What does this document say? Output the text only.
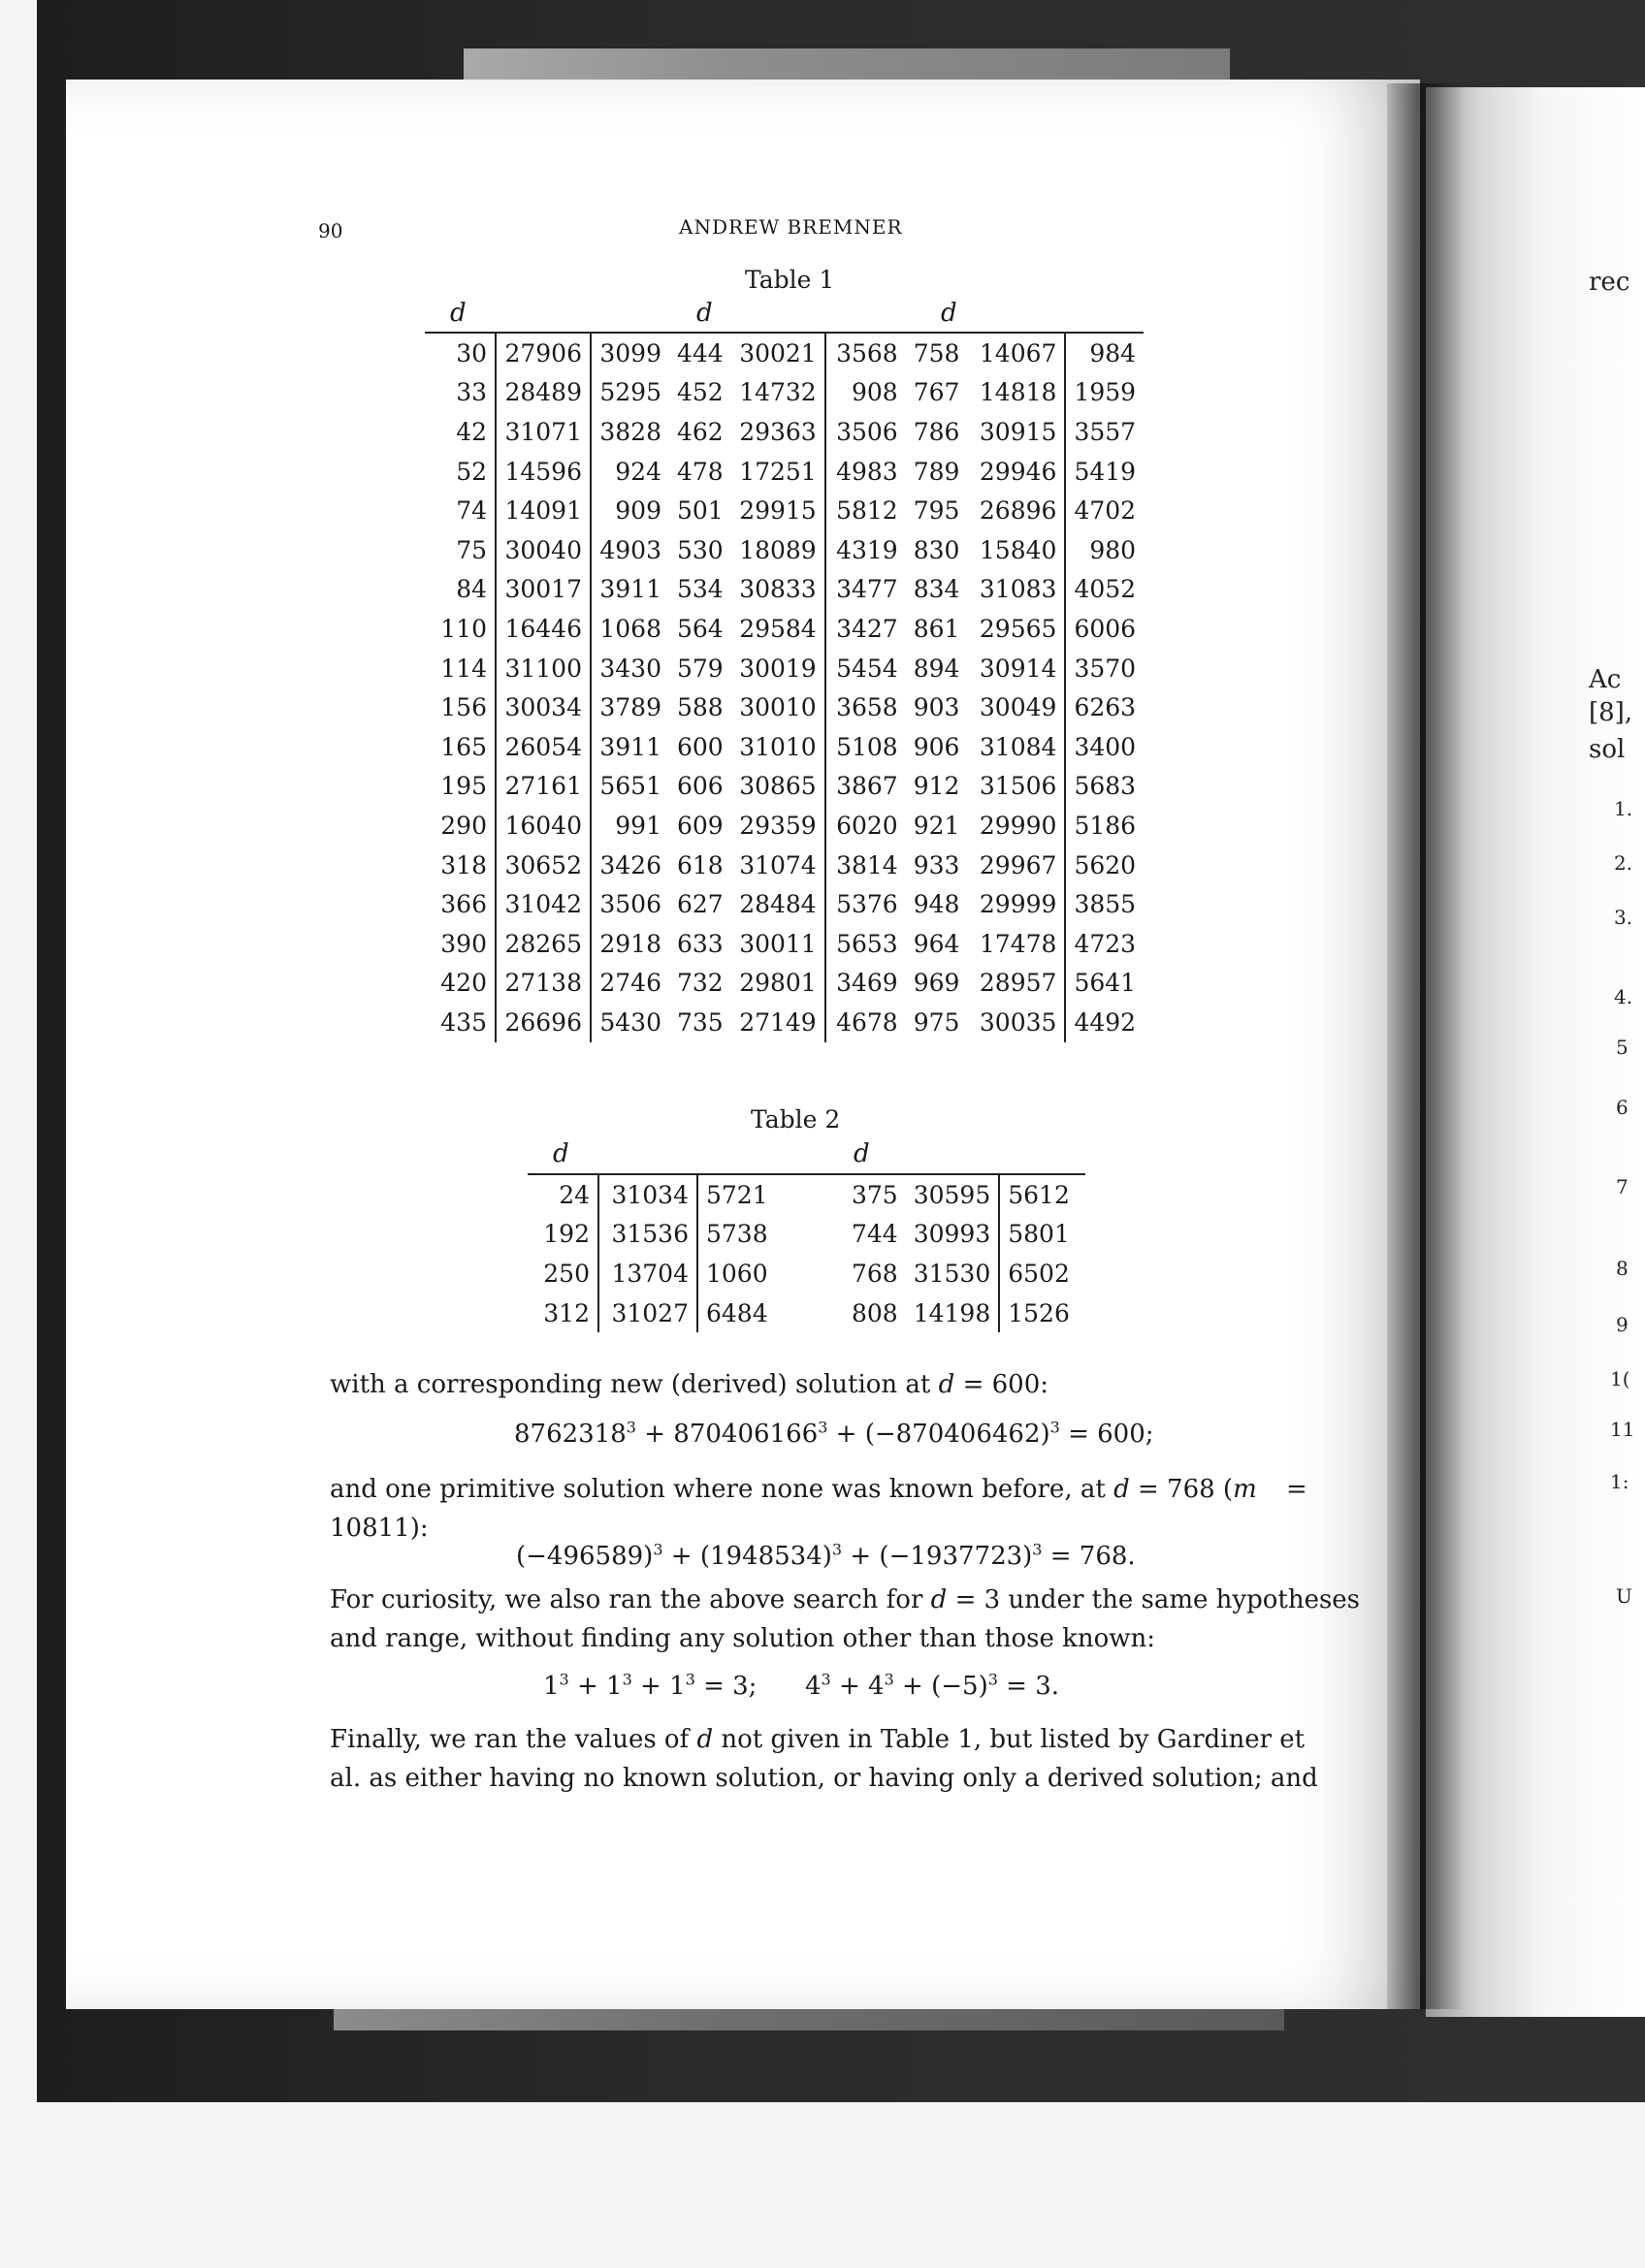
rec
Ac
[8],
sol
1.
2.
3.
4.
5
6
7
8
9
1(
11
1:
U
90	ANDREW BREMNER
Table 1
d	d	d
30	27906	3099	444	30021	3568	758	14067	984
33	28489	5295	452	14732	908	767	14818	1959
42	31071	3828	462	29363	3506	786	30915	3557
52	14596	924	478	17251	4983	789	29946	5419
74	14091	909	501	29915	5812	795	26896	4702
75	30040	4903	530	18089	4319	830	15840	980
84	30017	3911	534	30833	3477	834	31083	4052
110	16446	1068	564	29584	3427	861	29565	6006
114	31100	3430	579	30019	5454	894	30914	3570
156	30034	3789	588	30010	3658	903	30049	6263
165	26054	3911	600	31010	5108	906	31084	3400
195	27161	5651	606	30865	3867	912	31506	5683
290	16040	991	609	29359	6020	921	29990	5186
318	30652	3426	618	31074	3814	933	29967	5620
366	31042	3506	627	28484	5376	948	29999	3855
390	28265	2918	633	30011	5653	964	17478	4723
420	27138	2746	732	29801	3469	969	28957	5641
435	26696	5430	735	27149	4678	975	30035	4492
Table 2
d	d
24	31034	5721	375	30595	5612
192	31536	5738	744	30993	5801
250	13704	1060	768	31530	6502
312	31027	6484	808	14198	1526
with a corresponding new (derived) solution at d = 600:
$8762318^3 + 870406166^3 + (-870406462)^3 = 600$;
and one primitive solution where none was known before, at d = 768 (m =
10811):
$(-496589)^3 + (1948534)^3 + (-1937723)^3 = 768$.
For curiosity, we also ran the above search for d = 3 under the same hypotheses
and range, without finding any solution other than those known:
$1^3 + 1^3 + 1^3 = 3$; $4^3 + 4^3 + (-5)^3 = 3$.
Finally, we ran the values of d not given in Table 1, but listed by Gardiner et
al. as either having no known solution, or having only a derived solution; and
